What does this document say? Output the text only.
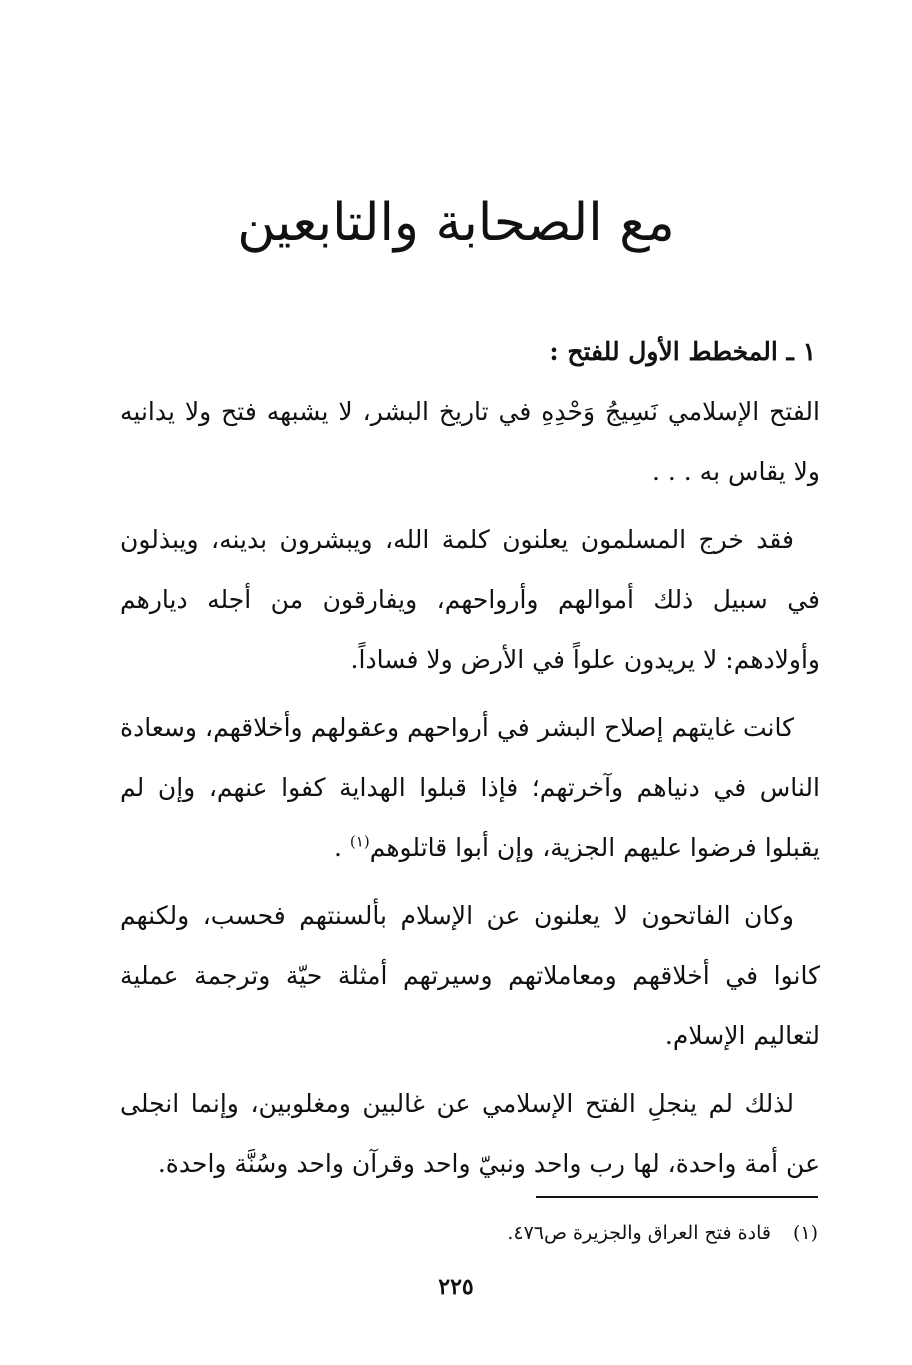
مع الصحابة والتابعين
١ ـ المخطط الأول للفتح :

الفتح الإسلامي نَسِيجُ وَحْدِهِ في تاريخ البشر، لا يشبهه فتح ولا يدانيه ولا يقاس به . . .

فقد خرج المسلمون يعلنون كلمة الله، ويبشرون بدينه، ويبذلون في سبيل ذلك أموالهم وأرواحهم، ويفارقون من أجله ديارهم وأولادهم: لا يريدون علواً في الأرض ولا فساداً.

كانت غايتهم إصلاح البشر في أرواحهم وعقولهم وأخلاقهم، وسعادة الناس في دنياهم وآخرتهم؛ فإذا قبلوا الهداية كفوا عنهم، وإن لم يقبلوا فرضوا عليهم الجزية، وإن أبوا قاتلوهم$^{(١)}$ .

وكان الفاتحون لا يعلنون عن الإسلام بألسنتهم فحسب، ولكنهم كانوا في أخلاقهم ومعاملاتهم وسيرتهم أمثلة حيّة وترجمة عملية لتعاليم الإسلام.

لذلك لم ينجلِ الفتح الإسلامي عن غالبين ومغلوبين، وإنما انجلى عن أمة واحدة، لها رب واحد ونبيّ واحد وقرآن واحد وسُنَّة واحدة.

(١)قادة فتح العراق والجزيرة ص٤٧٦.
٢٢٥
